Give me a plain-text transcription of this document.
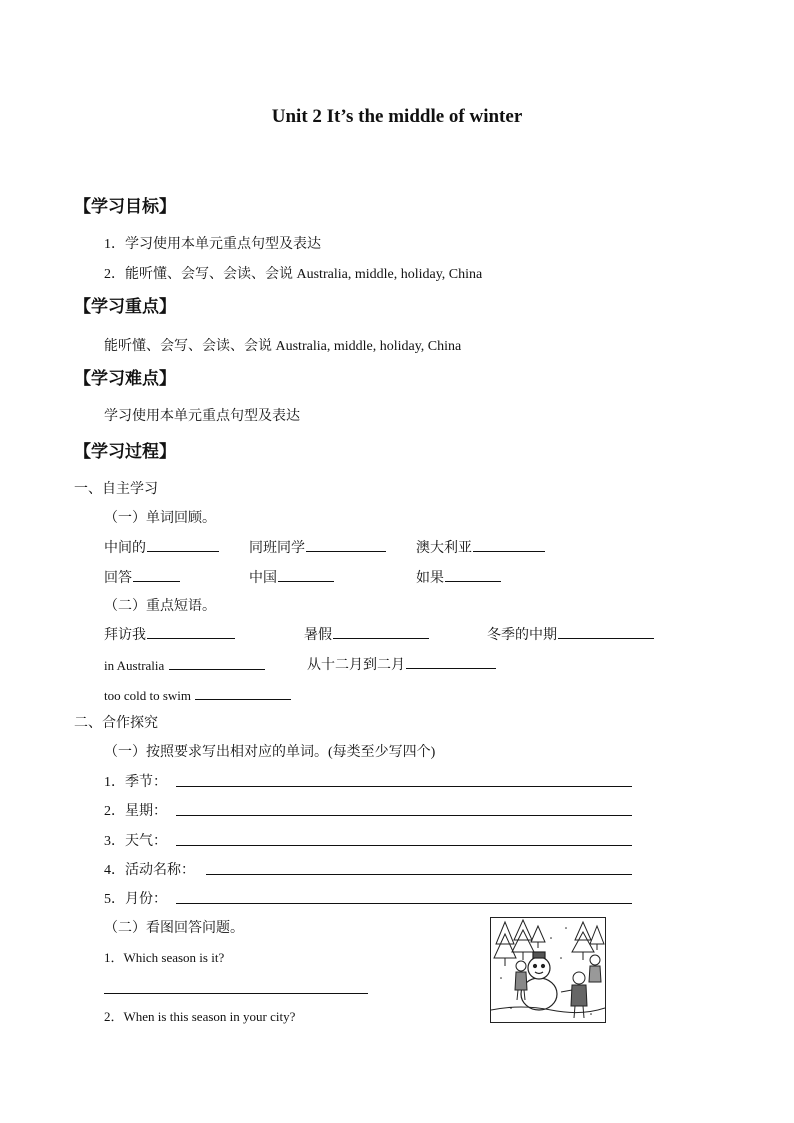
Unit 2 It’s the middle of winter
【学习目标】
1．学习使用本单元重点句型及表达
2．能听懂、会写、会读、会说 Australia, middle, holiday, China
【学习重点】
能听懂、会写、会读、会说 Australia, middle, holiday, China
【学习难点】
学习使用本单元重点句型及表达
【学习过程】
一、自主学习
（一）单词回顾。
中间的	同班同学	澳大利亚
回答	中国	如果
（二）重点短语。
拜访我	暑假	冬季的中期
in Australia	从十二月到二月
too cold to swim
二、合作探究
（一）按照要求写出相对应的单词。(每类至少写四个)
1．季节：
2．星期：
3．天气：
4．活动名称：
5．月份：
（二）看图回答问题。
1．Which season is it?
2．When is this season in your city?
